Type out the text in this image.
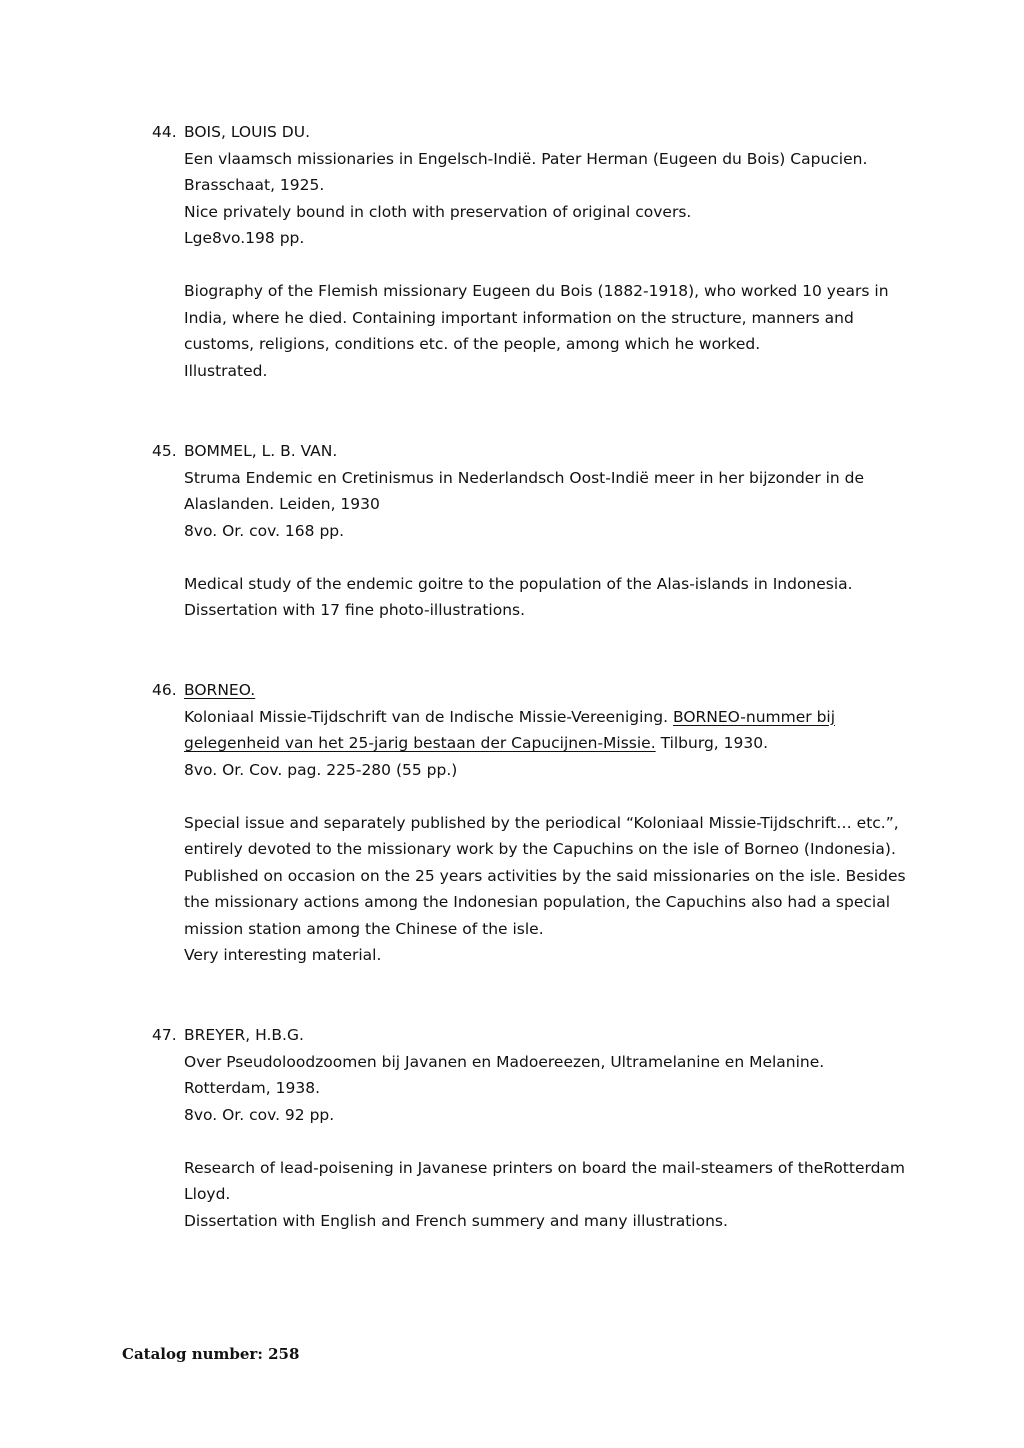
44. BOIS, LOUIS DU.
Een vlaamsch missionaries in Engelsch-Indië. Pater Herman (Eugeen du Bois) Capucien.
Brasschaat, 1925.
Nice privately bound in cloth with preservation of original covers.
Lge8vo.198 pp.
Biography of the Flemish missionary Eugeen du Bois (1882-1918), who worked 10 years in
India, where he died. Containing important information on the structure, manners and
customs, religions, conditions etc. of the people, among which he worked.
Illustrated.
45. BOMMEL, L. B. VAN.
Struma Endemic en Cretinismus in Nederlandsch Oost-Indië meer in her bijzonder in de
Alaslanden. Leiden, 1930
8vo. Or. cov. 168 pp.
Medical study of the endemic goitre to the population of the Alas-islands in Indonesia.
Dissertation with 17 fine photo-illustrations.
46. BORNEO.
Koloniaal Missie-Tijdschrift van de Indische Missie-Vereeniging. BORNEO-nummer bij
gelegenheid van het 25-jarig bestaan der Capucijnen-Missie. Tilburg, 1930.
8vo. Or. Cov. pag. 225-280 (55 pp.)
Special issue and separately published by the periodical “Koloniaal Missie-Tijdschrift… etc.”,
entirely devoted to the missionary work by the Capuchins on the isle of Borneo (Indonesia).
Published on occasion on the 25 years activities by the said missionaries on the isle. Besides
the missionary actions among the Indonesian population, the Capuchins also had a special
mission station among the Chinese of the isle.
Very interesting material.
47. BREYER, H.B.G.
Over Pseudoloodzoomen bij Javanen en Madoereezen, Ultramelanine en Melanine.
Rotterdam, 1938.
8vo. Or. cov. 92 pp.
Research of lead-poisening in Javanese printers on board the mail-steamers of theRotterdam
Lloyd.
Dissertation with English and French summery and many illustrations.
Catalog number: 258
